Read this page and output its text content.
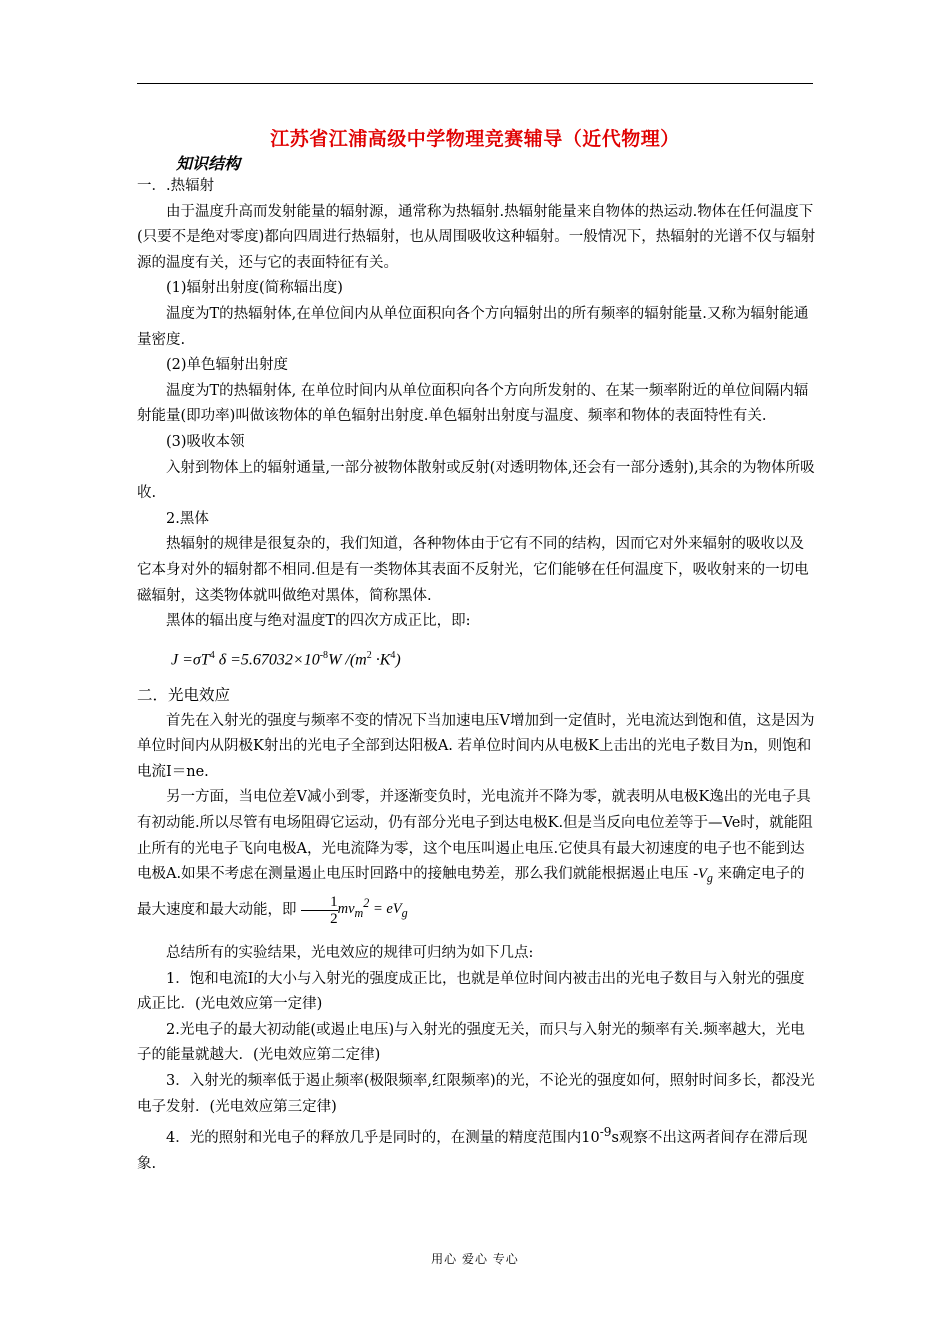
江苏省江浦高级中学物理竞赛辅导（近代物理）
知识结构

一．.热辐射

由于温度升高而发射能量的辐射源，通常称为热辐射.热辐射能量来自物体的热运动.物体在任何温度下(只要不是绝对零度)都向四周进行热辐射，也从周围吸收这种辐射。一般情况下，热辐射的光谱不仅与辐射源的温度有关，还与它的表面特征有关。

(1)辐射出射度(简称辐出度)

温度为T的热辐射体,在单位间内从单位面积向各个方向辐射出的所有频率的辐射能量.又称为辐射能通量密度.

(2)单色辐射出射度

温度为T的热辐射体, 在单位时间内从单位面积向各个方向所发射的、在某一频率附近的单位间隔内辐射能量(即功率)叫做该物体的单色辐射出射度.单色辐射出射度与温度、频率和物体的表面特性有关.

(3)吸收本领

入射到物体上的辐射通量,一部分被物体散射或反射(对透明物体,还会有一部分透射),其余的为物体所吸收.

2.黑体

热辐射的规律是很复杂的，我们知道，各种物体由于它有不同的结构，因而它对外来辐射的吸收以及它本身对外的辐射都不相同.但是有一类物体其表面不反射光，它们能够在任何温度下，吸收射来的一切电磁辐射，这类物体就叫做绝对黑体，简称黑体.

黑体的辐出度与绝对温度T的四次方成正比，即:

$J =\sigma T^4$ $\delta =5.67032\times 10^{-8}W$ $/(m^2 \cdot K^4)$

二．光电效应

首先在入射光的强度与频率不变的情况下当加速电压V增加到一定值时，光电流达到饱和值，这是因为单位时间内从阴极K射出的光电子全部到达阳极A. 若单位时间内从电极K上击出的光电子数目为n，则饱和电流I＝ne.

另一方面，当电位差V减小到零，并逐渐变负时，光电流并不降为零，就表明从电极K逸出的光电子具有初动能.所以尽管有电场阻碍它运动，仍有部分光电子到达电极K.但是当反向电位差等于—Ve时，就能阻止所有的光电子飞向电极A，光电流降为零，这个电压叫遏止电压.它使具有最大初速度的电子也不能到达电极A.如果不考虑在测量遏止电压时回路中的接触电势差，那么我们就能根据遏止电压 $-V_g$ 来确定电子的最大速度和最大动能，即 $\frac{1}{2} mv_m^2 = eV_g$

总结所有的实验结果，光电效应的规律可归纳为如下几点:

1．饱和电流I的大小与入射光的强度成正比，也就是单位时间内被击出的光电子数目与入射光的强度成正比．(光电效应第一定律)

2.光电子的最大初动能(或遏止电压)与入射光的强度无关，而只与入射光的频率有关.频率越大，光电子的能量就越大．(光电效应第二定律)

3．入射光的频率低于遏止频率(极限频率,红限频率)的光，不论光的强度如何，照射时间多长，都没光电子发射．(光电效应第三定律)

4．光的照射和光电子的释放几乎是同时的，在测量的精度范围内$10^{-9}s$观察不出这两者间存在滞后现象.

用心 爱心 专心
